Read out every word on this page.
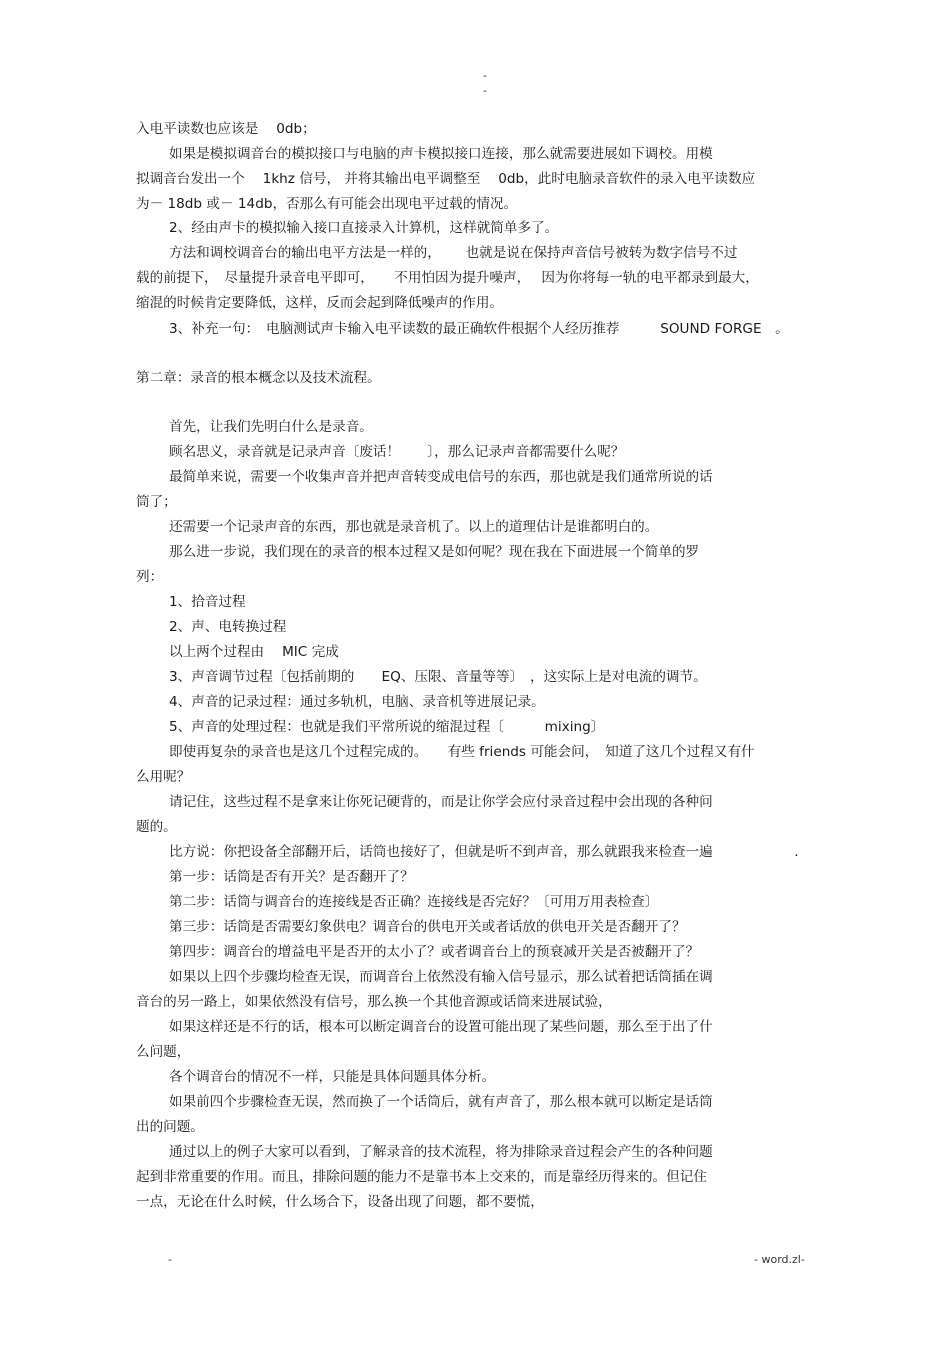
-
-
入电平读数也应该是　 0db；
如果是模拟调音台的模拟接口与电脑的声卡模拟接口连接，那么就需要进展如下调校。用模
拟调音台发出一个　 1khz 信号， 并将其输出电平调整至　 0db，此时电脑录音软件的录入电平读数应
为－ 18db 或－ 14db，否那么有可能会出现电平过载的情况。
2、经由声卡的模拟输入接口直接录入计算机，这样就简单多了。
方法和调校调音台的输出电平方法是一样的，　　 也就是说在保持声音信号被转为数字信号不过
载的前提下，　尽量提升录音电平即可，　　不用怕因为提升噪声，　 因为你将每一轨的电平都录到最大，
缩混的时候肯定要降低，这样，反而会起到降低噪声的作用。
3、补充一句：　电脑测试声卡输入电平读数的最正确软件根据个人经历推荐　　　SOUND FORGE　。
第二章：录音的根本概念以及技术流程。
首先，让我们先明白什么是录音。
顾名思义，录音就是记录声音〔废话！　　〕，那么记录声音都需要什么呢？
最简单来说，需要一个收集声音并把声音转变成电信号的东西，那也就是我们通常所说的话
筒了；
还需要一个记录声音的东西，那也就是录音机了。以上的道理估计是谁都明白的。
那么进一步说，我们现在的录音的根本过程又是如何呢？现在我在下面进展一个简单的罗
列：
1、拾音过程
2、声、电转换过程
以上两个过程由　 MIC 完成
3、声音调节过程〔包括前期的　　EQ、压限、音量等等〕　，这实际上是对电流的调节。
4、声音的记录过程：通过多轨机，电脑、录音机等进展记录。
5、声音的处理过程：也就是我们平常所说的缩混过程〔　　　mixing〕
即使再复杂的录音也是这几个过程完成的。　　有些 friends 可能会问，　知道了这几个过程又有什
么用呢？
请记住，这些过程不是拿来让你死记硬背的，而是让你学会应付录音过程中会出现的各种问
题的。
比方说：你把设备全部翻开后，话筒也接好了，但就是听不到声音，那么就跟我来检查一遍　　　　　　.
第一步：话筒是否有开关？是否翻开了？
第二步：话筒与调音台的连接线是否正确？连接线是否完好？〔可用万用表检查〕
第三步：话筒是否需要幻象供电？调音台的供电开关或者话放的供电开关是否翻开了？
第四步：调音台的增益电平是否开的太小了？或者调音台上的预衰减开关是否被翻开了？
如果以上四个步骤均检查无误，而调音台上依然没有输入信号显示，那么试着把话筒插在调
音台的另一路上，如果依然没有信号，那么换一个其他音源或话筒来进展试验，
如果这样还是不行的话，根本可以断定调音台的设置可能出现了某些问题，那么至于出了什
么问题，
各个调音台的情况不一样，只能是具体问题具体分析。
如果前四个步骤检查无误，然而换了一个话筒后，就有声音了，那么根本就可以断定是话筒
出的问题。
通过以上的例子大家可以看到，了解录音的技术流程，将为排除录音过程会产生的各种问题
起到非常重要的作用。而且，排除问题的能力不是靠书本上交来的，而是靠经历得来的。但记住
一点，无论在什么时候，什么场合下，设备出现了问题，都不要慌，
-	- word.zl-
